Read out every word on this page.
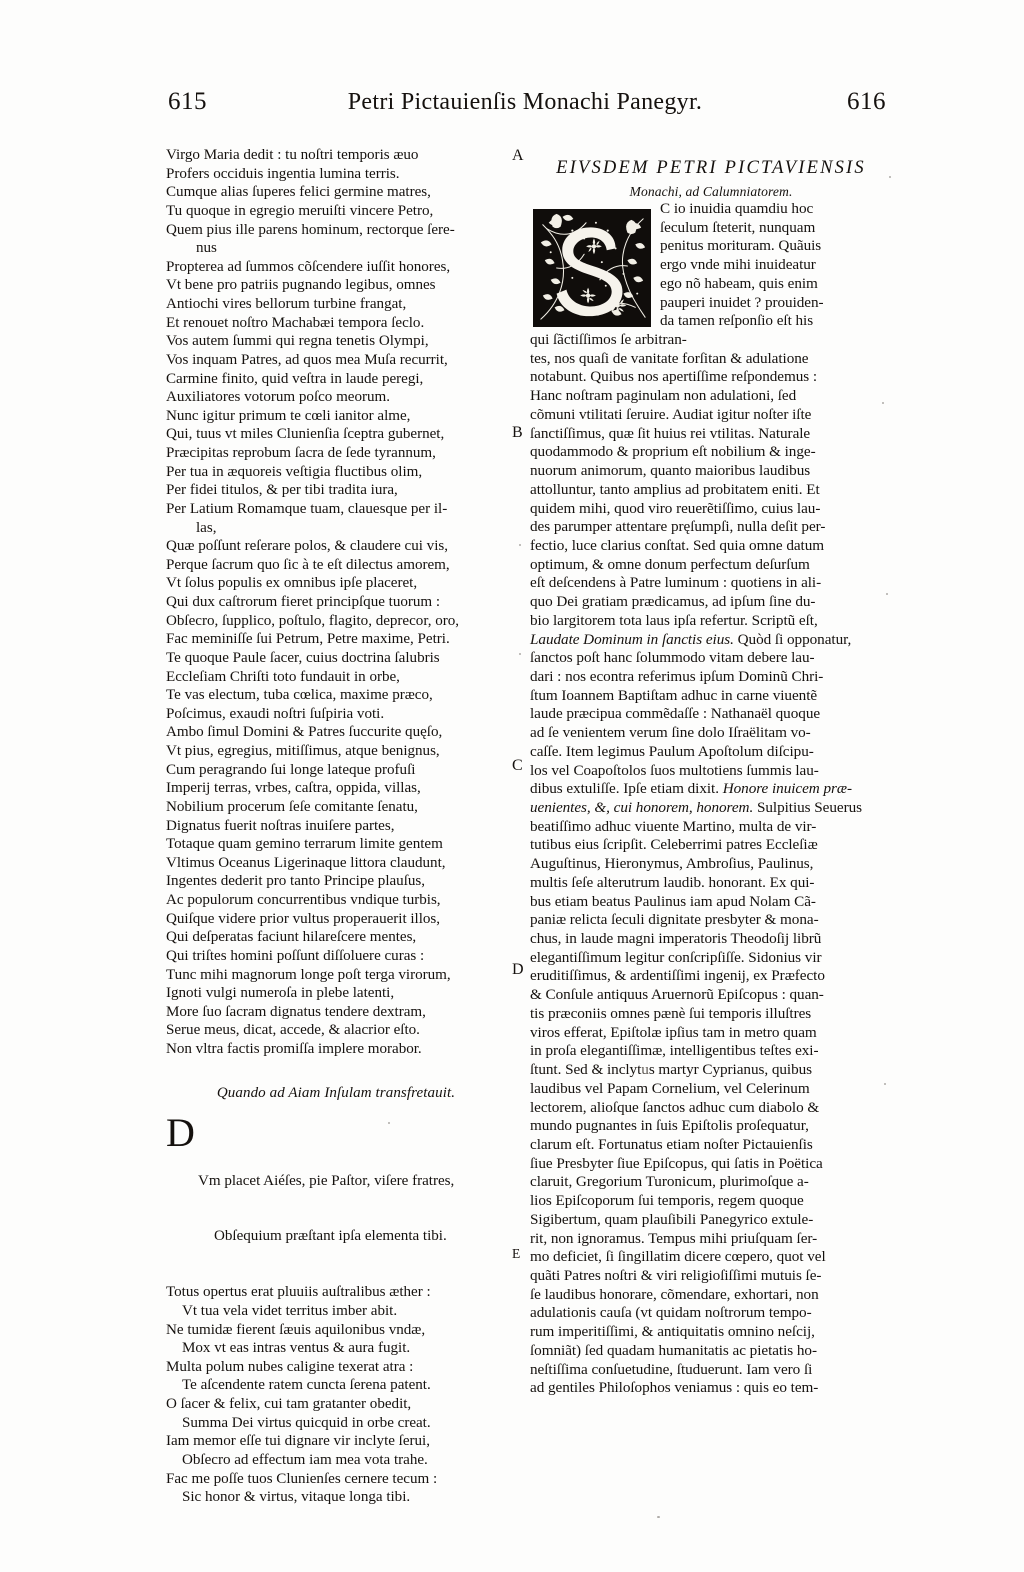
615	Petri Pictauienſis Monachi Panegyr.	616
Virgo Maria dedit : tu noſtri temporis æuo
Profers occiduis ingentia lumina terris.
Cumque alias ſuperes felici germine matres,
Tu quoque in egregio meruiſti vincere Petro,
Quem pius ille parens hominum, rectorque ſere-
nus
Propterea ad ſummos cõſcendere iuſſit honores,
Vt bene pro patriis pugnando legibus, omnes
Antiochi vires bellorum turbine frangat,
Et renouet noſtro Machabæi tempora ſeclo.
Vos autem ſummi qui regna tenetis Olympi,
Vos inquam Patres, ad quos mea Muſa recurrit,
Carmine finito, quid veſtra in laude peregi,
Auxiliatores votorum poſco meorum.
Nunc igitur primum te cœli ianitor alme,
Qui, tuus vt miles Clunienſia ſceptra gubernet,
Præcipitas reprobum ſacra de ſede tyrannum,
Per tua in æquoreis veſtigia fluctibus olim,
Per fidei titulos, & per tibi tradita iura,
Per Latium Romamque tuam, clauesque per il-
las,
Quæ poſſunt reſerare polos, & claudere cui vis,
Perque ſacrum quo ſic à te eſt dilectus amorem,
Vt ſolus populis ex omnibus ipſe placeret,
Qui dux caſtrorum fieret principſque tuorum :
Obſecro, ſupplico, poſtulo, flagito, deprecor, oro,
Fac meminiſſe ſui Petrum, Petre maxime, Petri.
Te quoque Paule ſacer, cuius doctrina ſalubris
Eccleſiam Chriſti toto fundauit in orbe,
Te vas electum, tuba cœlica, maxime præco,
Poſcimus, exaudi noſtri ſuſpiria voti.
Ambo ſimul Domini & Patres ſuccurite quęſo,
Vt pius, egregius, mitiſſimus, atque benignus,
Cum peragrando ſui longe lateque profuſi
Imperij terras, vrbes, caſtra, oppida, villas,
Nobilium procerum ſeſe comitante ſenatu,
Dignatus fuerit noſtras inuiſere partes,
Totaque quam gemino terrarum limite gentem
Vltimus Oceanus Ligerinaque littora claudunt,
Ingentes dederit pro tanto Principe plauſus,
Ac populorum concurrentibus vndique turbis,
Quiſque videre prior vultus properauerit illos,
Qui deſperatas faciunt hilareſcere mentes,
Qui triſtes homini poſſunt diſſoluere curas :
Tunc mihi magnorum longe poſt terga virorum,
Ignoti vulgi numeroſa in plebe latenti,
More ſuo ſacram dignatus tendere dextram,
Serue meus, dicat, accede, & alacrior eſto.
Non vltra factis promiſſa implere morabor.
Quando ad Aiam Inſulam transfretauit.

D

Vm placet Aiéſes, pie Paſtor, viſere fratres,

Obſequium præſtant ipſa elementa tibi.

Totus opertus erat pluuiis auſtralibus æther :
Vt tua vela videt territus imber abit.
Ne tumidæ fierent ſæuis aquilonibus vndæ,
Mox vt eas intras ventus & aura fugit.
Multa polum nubes caligine texerat atra :
Te aſcendente ratem cuncta ſerena patent.
O ſacer & felix, cui tam gratanter obedit,
Summa Dei virtus quicquid in orbe creat.
Iam memor eſſe tui dignare vir inclyte ſerui,
Obſecro ad effectum iam mea vota trahe.
Fac me poſſe tuos Clunienſes cernere tecum :
Sic honor & virtus, vitaque longa tibi.
EIVSDEM PETRI PICTAVIENSIS
Monachi, ad Calumniatorem.
C io inuidia quamdiu hoc
ſeculum ſteterit, nunquam
penitus morituram. Quãuis
ergo vnde mihi inuideatur
ego nõ habeam, quis enim
pauperi inuidet ? prouiden-
da tamen reſponſio eſt his
qui ſãctiſſimos ſe arbitran-
tes, nos quaſi de vanitate forſitan & adulatione
notabunt. Quibus nos apertiſſime reſpondemus :
Hanc noſtram paginulam non adulationi, ſed
cõmuni vtilitati ſeruire. Audiat igitur noſter iſte
ſanctiſſimus, quæ ſit huius rei vtilitas. Naturale
quodammodo & proprium eſt nobilium & inge-
nuorum animorum, quanto maioribus laudibus
attolluntur, tanto amplius ad probitatem eniti. Et
quidem mihi, quod viro reuerẽtiſſimo, cuius lau-
des parumper attentare pręſumpſi, nulla deſit per-
fectio, luce clarius conſtat. Sed quia omne datum
optimum, & omne donum perfectum deſurſum
eſt deſcendens à Patre luminum : quotiens in ali-
quo Dei gratiam prædicamus, ad ipſum ſine du-
bio largitorem tota laus ipſa refertur. Scriptũ eſt,
Laudate Dominum in ſanctis eius. Quòd ſi opponatur,
ſanctos poſt hanc ſolummodo vitam debere lau-
dari : nos econtra referimus ipſum Dominũ Chri-
ſtum Ioannem Baptiſtam adhuc in carne viuentẽ
laude præcipua commẽdaſſe : Nathanaël quoque
ad ſe venientem verum ſine dolo Iſraëlitam vo-
caſſe. Item legimus Paulum Apoſtolum diſcipu-
los vel Coapoſtolos ſuos multotiens ſummis lau-
dibus extuliſſe. Ipſe etiam dixit. Honore inuicem præ-
uenientes, &, cui honorem, honorem. Sulpitius Seuerus
beatiſſimo adhuc viuente Martino, multa de vir-
tutibus eius ſcripſit. Celeberrimi patres Eccleſiæ
Auguſtinus, Hieronymus, Ambroſius, Paulinus,
multis ſeſe alterutrum laudib. honorant. Ex qui-
bus etiam beatus Paulinus iam apud Nolam Cã-
paniæ relicta ſeculi dignitate presbyter & mona-
chus, in laude magni imperatoris Theodoſij librũ
elegantiſſimum legitur conſcripſiſſe. Sidonius vir
eruditiſſimus, & ardentiſſimi ingenij, ex Præfecto
& Conſule antiquus Aruernorũ Epiſcopus : quan-
tis præconiis omnes pænè ſui temporis illuſtres
viros efferat, Epiſtolæ ipſius tam in metro quam
in proſa elegantiſſimæ, intelligentibus teſtes exi-
ſtunt. Sed & inclytus martyr Cyprianus, quibus
laudibus vel Papam Cornelium, vel Celerinum
lectorem, alioſque ſanctos adhuc cum diabolo &
mundo pugnantes in ſuis Epiſtolis proſequatur,
clarum eſt. Fortunatus etiam noſter Pictauienſis
ſiue Presbyter ſiue Epiſcopus, qui ſatis in Poëtica
claruit, Gregorium Turonicum, plurimoſque a-
lios Epiſcoporum ſui temporis, regem quoque
Sigibertum, quam plauſibili Panegyrico extule-
rit, non ignoramus. Tempus mihi priuſquam ſer-
mo deficiet, ſi ſingillatim dicere cœpero, quot vel
quãti Patres noſtri & viri religioſiſſimi mutuis ſe-
ſe laudibus honorare, cõmendare, exhortari, non
adulationis cauſa (vt quidam noſtrorum tempo-
rum imperitiſſimi, & antiquitatis omnino neſcij,
ſomniãt) ſed quadam humanitatis ac pietatis ho-
neſtiſſima conſuetudine, ſtuduerunt. Iam vero ſi
ad gentiles Philoſophos veniamus : quis eo tem-
A
B
C
D
E
